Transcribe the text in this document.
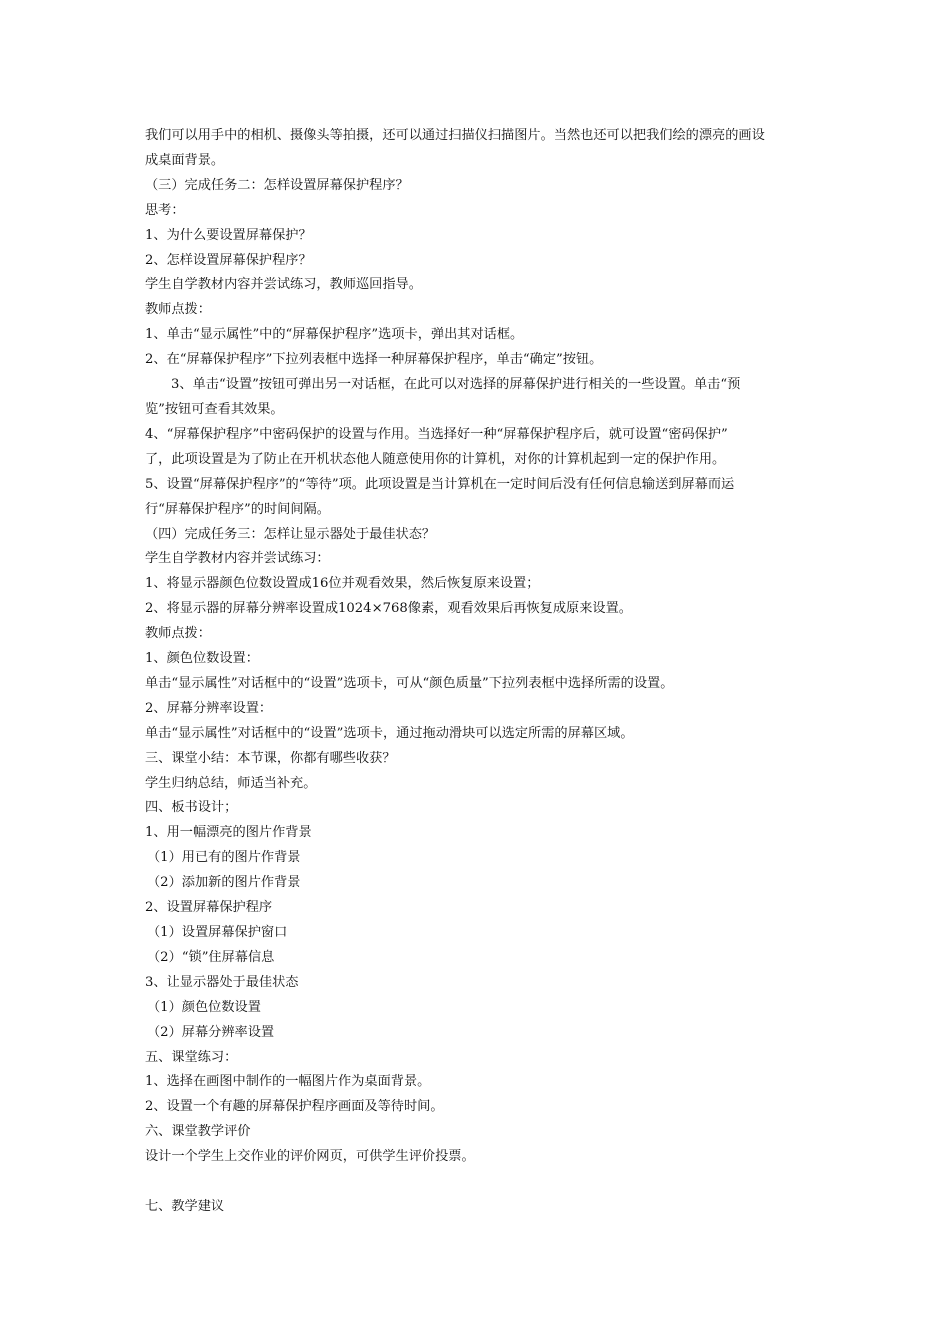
我们可以用手中的相机、摄像头等拍摄，还可以通过扫描仪扫描图片。当然也还可以把我们绘的漂亮的画设
成桌面背景。
（三）完成任务二：怎样设置屏幕保护程序？
思考：
1、为什么要设置屏幕保护？
2、怎样设置屏幕保护程序？
学生自学教材内容并尝试练习，教师巡回指导。
教师点拨：
1、单击“显示属性”中的“屏幕保护程序”选项卡，弹出其对话框。
2、在“屏幕保护程序”下拉列表框中选择一种屏幕保护程序，单击“确定”按钮。
3、单击“设置”按钮可弹出另一对话框，在此可以对选择的屏幕保护进行相关的一些设置。单击“预
览”按钮可查看其效果。
4、“屏幕保护程序”中密码保护的设置与作用。当选择好一种“屏幕保护程序后，就可设置“密码保护”
了，此项设置是为了防止在开机状态他人随意使用你的计算机，对你的计算机起到一定的保护作用。
5、设置“屏幕保护程序”的“等待”项。此项设置是当计算机在一定时间后没有任何信息输送到屏幕而运
行“屏幕保护程序”的时间间隔。
（四）完成任务三：怎样让显示器处于最佳状态？
学生自学教材内容并尝试练习：
1、将显示器颜色位数设置成16位并观看效果，然后恢复原来设置；
2、将显示器的屏幕分辨率设置成1024×768像素，观看效果后再恢复成原来设置。
教师点拨：
1、颜色位数设置：
单击“显示属性”对话框中的“设置”选项卡，可从“颜色质量”下拉列表框中选择所需的设置。
2、屏幕分辨率设置：
单击“显示属性”对话框中的“设置”选项卡，通过拖动滑块可以选定所需的屏幕区域。
三、课堂小结：本节课，你都有哪些收获？
学生归纳总结，师适当补充。
四、板书设计；
1、用一幅漂亮的图片作背景
（1）用已有的图片作背景
（2）添加新的图片作背景
2、设置屏幕保护程序
（1）设置屏幕保护窗口
（2）“锁”住屏幕信息
3、让显示器处于最佳状态
（1）颜色位数设置
（2）屏幕分辨率设置
五、课堂练习：
1、选择在画图中制作的一幅图片作为桌面背景。
2、设置一个有趣的屏幕保护程序画面及等待时间。
六、课堂教学评价
设计一个学生上交作业的评价网页，可供学生评价投票。
七、教学建议
